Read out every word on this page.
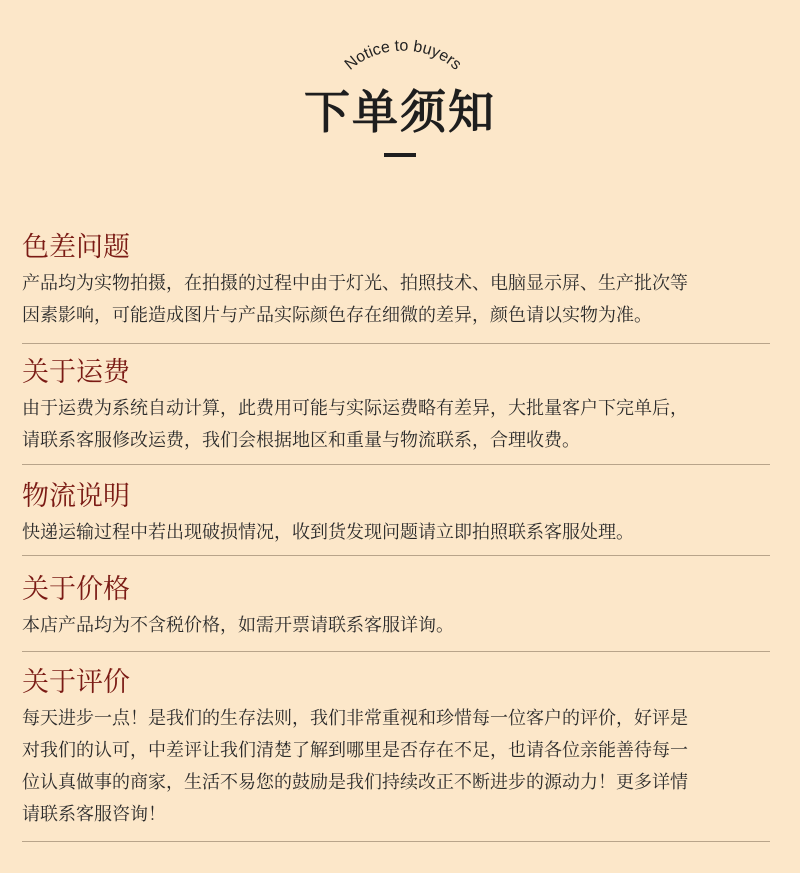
Notice to buyers
下单须知
色差问题

产品均为实物拍摄，在拍摄的过程中由于灯光、拍照技术、电脑显示屏、生产批次等

因素影响，可能造成图片与产品实际颜色存在细微的差异，颜色请以实物为准。

关于运费

由于运费为系统自动计算，此费用可能与实际运费略有差异，大批量客户下完单后，

请联系客服修改运费，我们会根据地区和重量与物流联系，合理收费。

物流说明

快递运输过程中若出现破损情况，收到货发现问题请立即拍照联系客服处理。

关于价格

本店产品均为不含税价格，如需开票请联系客服详询。

关于评价

每天进步一点！是我们的生存法则，我们非常重视和珍惜每一位客户的评价，好评是

对我们的认可，中差评让我们清楚了解到哪里是否存在不足，也请各位亲能善待每一

位认真做事的商家，生活不易您的鼓励是我们持续改正不断进步的源动力！更多详情

请联系客服咨询！
